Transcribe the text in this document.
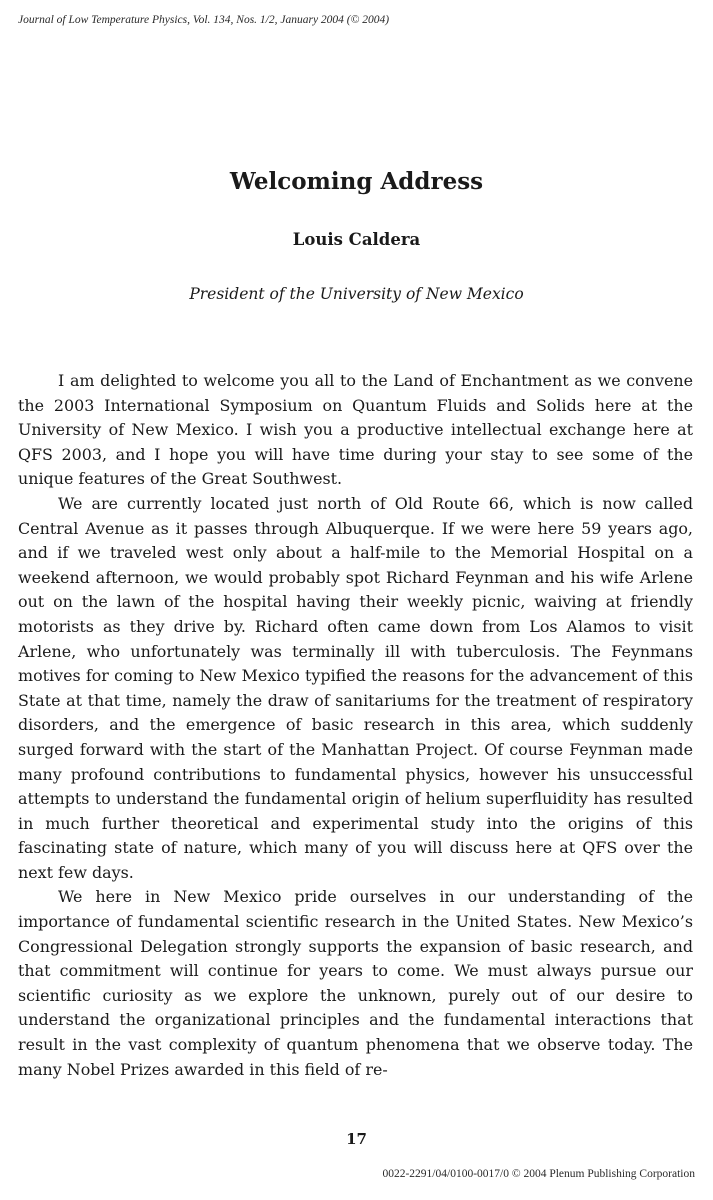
Journal of Low Temperature Physics, Vol. 134, Nos. 1/2, January 2004 (© 2004)
Welcoming Address
Louis Caldera
President of the University of New Mexico

I am delighted to welcome you all to the Land of Enchantment as we convene the 2003 International Symposium on Quantum Fluids and Solids here at the University of New Mexico. I wish you a productive intellectual exchange here at QFS 2003, and I hope you will have time during your stay to see some of the unique features of the Great Southwest.

We are currently located just north of Old Route 66, which is now called Central Avenue as it passes through Albuquerque. If we were here 59 years ago, and if we traveled west only about a half-mile to the Memorial Hospital on a weekend afternoon, we would probably spot Richard Feynman and his wife Arlene out on the lawn of the hospital having their weekly picnic, waiving at friendly motorists as they drive by. Richard often came down from Los Alamos to visit Arlene, who unfortunately was terminally ill with tuberculosis. The Feynmans motives for coming to New Mexico typified the reasons for the advancement of this State at that time, namely the draw of sanitariums for the treatment of respiratory disorders, and the emergence of basic research in this area, which suddenly surged forward with the start of the Manhattan Project. Of course Feynman made many profound contributions to fundamental physics, however his unsuccessful attempts to understand the fundamental origin of helium superfluidity has resulted in much further theoretical and experimental study into the origins of this fascinating state of nature, which many of you will discuss here at QFS over the next few days.

We here in New Mexico pride ourselves in our understanding of the importance of fundamental scientific research in the United States. New Mexico’s Congressional Delegation strongly supports the expansion of basic research, and that commitment will continue for years to come. We must always pursue our scientific curiosity as we explore the unknown, purely out of our desire to understand the organizational principles and the fundamental interactions that result in the vast complexity of quantum phenomena that we observe today. The many Nobel Prizes awarded in this field of re-

17
0022-2291/04/0100-0017/0 © 2004 Plenum Publishing Corporation
